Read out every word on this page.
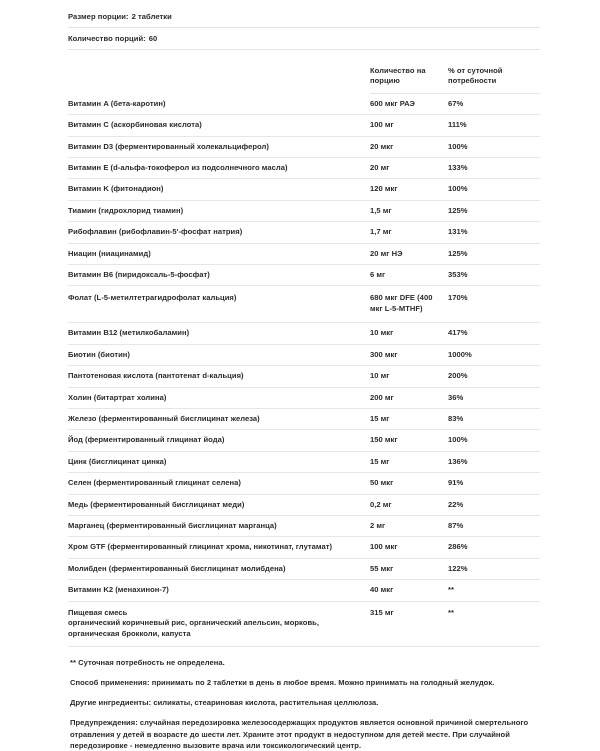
Размер порции: 2 таблетки
Количествo порций: 60
	Количество на порцию	% от суточной потребности
Витамин A (бета-каротин)	600 мкг РАЭ	67%
Витамин C (аскорбиновая кислота)	100 мг	111%
Витамин D3 (ферментированный холекальциферол)	20 мкг	100%
Витамин E (d-альфа-токоферол из подсолнечного масла)	20 мг	133%
Витамин K (фитонадион)	120 мкг	100%
Тиамин (гидрохлорид тиамин)	1,5 мг	125%
Рибофлавин (рибофлавин-5'-фосфат натрия)	1,7 мг	131%
Ниацин (ниацинамид)	20 мг НЭ	125%
Витамин B6 (пиридоксаль-5-фосфат)	6 мг	353%
Фолат (L-5-метилтетрагидрофолат кальция)	680 мкг DFE (400 мкг L-5-MTHF)	170%
Витамин B12 (метилкобаламин)	10 мкг	417%
Биотин (биотин)	300 мкг	1000%
Пантотеновая кислота (пантотенат d-кальция)	10 мг	200%
Холин (битартрат холина)	200 мг	36%
Железо (ферментированный бисглицинат железа)	15 мг	83%
Йод (ферментированный глицинат йода)	150 мкг	100%
Цинк (бисглицинат цинка)	15 мг	136%
Селен (ферментированный глицинат селена)	50 мкг	91%
Медь (ферментированный бисглицинат меди)	0,2 мг	22%
Марганец (ферментированный бисглицинат марганца)	2 мг	87%
Хром GTF (ферментированный глицинат хрома, никотинат, глутамат)	100 мкг	286%
Молибден (ферментированный бисглицинат молибдена)	55 мкг	122%
Витамин K2 (менахинон-7)	40 мкг	**
Пищевая смесь
органический коричневый рис, органический апельсин, морковь, органическая брокколи, капуста	315 мг	**
** Суточная потребность не определена.
Способ применения: принимать по 2 таблетки в день в любое время. Можно принимать на голодный желудок.
Другие ингредиенты: силикаты, стеариновая кислота, растительная целлюлоза.

Предупреждения: случайная передозировка железосодержащих продуктов является основной причиной смертельного отравления у детей в возрасте до шести лет. Храните этот продукт в недоступном для детей месте. При случайной передозировке - немедленно вызовите врача или токсикологический центр.
